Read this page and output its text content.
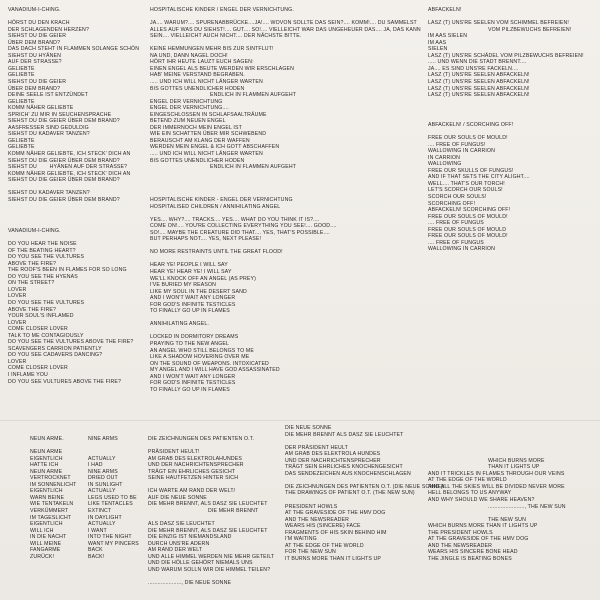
VANADIUM-I-CHING.

HÖRST DU DEN KRACH
DER SCHLAGENDEN HERZEN?
SIEHST DU DIE GEIER
ÜBER DEM BRAND?
DAS DACH STEHT IN FLAMMEN SOLANGE SCHÖN
SIEHST DU HYÄNEN
AUF DER STRASSE?
GELIEBTE
GELIEBTE
SIEHST DU DIE GEIER
ÜBER DEM BRAND?
DEINE SEELE IST ENTZÜNDET
GELIEBTE
KOMM NÄHER GELIEBTE
SPRICH' ZU MIR IN SEUCHENSPRACHE
SIEHST DU DIE GEIER ÜBER DEM BRAND?
AASFRESSER SIND GEDULDIG
SIEHST DU KADAVER TANZEN?
GELIEBTE
GELIEBTE
KOMM NÄHER GELIEBTE, ICH STECK' DICH AN
SIEHST DU DIE GEIER ÜBER DEM BRAND?
SIEHST DU        HYÄNEN AUF DER STRASSE?
KOMM NÄHER GELIEBTE, ICH STECK' DICH AN
SIEHST DU DIE GEIER ÜBER DEM BRAND?

SIEHST DU KADAVER TANZEN?
SIEHST DU DIE GEIER ÜBER DEM BRAND?
VANADIUM-I-CHING.

DO YOU HEAR THE NOISE
OF THE BEATING HEART?
DO YOU SEE THE VULTURES
ABOVE THE FIRE?
THE ROOF'S BEEN IN FLAMES FOR SO LONG
DO YOU SEE THE HYENAS
ON THE STREET?
LOVER
LOVER
DO YOU SEE THE VULTURES
ABOVE THE FIRE?
YOUR SOUL'S INFLAMED
LOVER
COME CLOSER LOVER
TALK TO ME CONTAGIOUSLY
DO YOU SEE THE VULTURES ABOVE THE FIRE?
SCAVENGERS CARRION PATIENTLY
DO YOU SEE CADAVERS DANCING?
LOVER
COME CLOSER LOVER
I INFLAME YOU
DO YOU SEE VULTURES ABOVE THE FIRE?
HOSPITALISCHE KINDER / ENGEL DER VERNICHTUNG.

JA.... WARUM?.... SPURENABBRÜCKE....JA!.... WOVON SOLLTE DAS SEIN?.... KOMM!.... DU SAMMELST
ALLES AUF WAS DU SIEHST!.... GUT.... SO!.... VIELLEICHT WAR DAS UNGEHEUER DAS.... JA, DAS KANN
SEIN.... VIELLEICHT AUCH NICHT.... DER NÄCHSTE BITTE.

KEINE HEMMUNGEN MEHR BIS ZUR SINTFLUT!
NA UND, DANN NAGEL DOCH!
HÖRT IHR HEUTE LAUZT EUCH SAGEN:
EINEN ENGEL ALS BEUTE WERDEN WIR ERSCHLAGEN
HAB' MEINE VERSTAND BEGRABEN.
..... UND ICH WILL NICHT LÄNGER WARTEN
BIS GOTTES UNENDLICHER HODEN
ENDLICH IN FLAMMEN AUFGEHT
ENGEL DER VERNICHTUNG
ENGEL DER VERNICHTUNG....
EINGESCHLOSSEN IN SCHLAFSAALTRÄUME
BETEND ZUM NEUEN ENGEL
DER IMMERNOCH MEIN ENGEL IST
WIE EIN SCHATTEN ÜBER MIR SCHWEBEND
BERAUSCHT AM KLANG DER WAFFEN
WERDEN MEIN ENGEL & ICH GOTT ABSCHAFFEN
..... UND ICH WILL NICHT LÄNGER WARTEN
BIS GOTTES UNENDLICHER HODEN
ENDLICH IN FLAMMEN AUFGEHT
HOSPITALISCHE KINDER - ENGEL DER VERNICHTUNG
HOSPITALISED CHILDREN / ANNIHILATING ANGEL

YES.... WHY?.... TRACKS.... YES.... WHAT DO YOU THINK IT IS?....
COME ON!.... YOU'RE COLLECTING EVERYTHING YOU SEE!.... GOOD....
SO!.... MAYBE THE CREATURE DID THAT.... YES, THAT'S POSSIBLE....
BUT PERHAPS NOT.... YES, NEXT PLEASE!

NO MORE RESTRAINTS UNTIL THE GREAT FLOOD!

HEAR YE! PEOPLE I WILL SAY
HEAR YE! HEAR YE! I WILL SAY
WE'LL KNOCK OFF AN ANGEL (AS PREY)
I'VE BURIED MY REASON
LIKE MY SOUL IN THE DESERT SAND
AND I WON'T WAIT ANY LONGER
FOR GOD'S INFINITE TESTICLES
TO FINALLY GO UP IN FLAMES

ANNIHILATING ANGEL.

LOCKED IN DORMITORY DREAMS
PRAYING TO THE NEW ANGEL
AN ANGEL WHO STILL BELONGS TO ME
LIKE A SHADOW HOVERING OVER ME
ON THE SOUND OF WEAPONS. INTOXICATED
MY ANGEL AND I WILL HAVE GOD ASSASSINATED
AND I WON'T WAIT ANY LONGER
FOR GOD'S INFINITE TESTICLES
TO FINALLY GO UP IN FLAMES
ABFACKELN!

LASZ (T) UNS'RE SEELEN VOM SCHIMMEL BEFREIEN!
VOM PILZBEWUCHS BEFREIEN!
IM AAS SIELEN
IM AAS
SIELEN
LASZ (T) UNS'RE SCHÄDEL VOM PILZBEWUCHS BEFREIEN!
..... UND WENN DIE STADT BRENNT....
JA.... ES SIND UNS'RE FACKELN....
LASZ (T) UNS'RE SEELEN ABFACKELN!
LASZ (T) UNS'RE SEELEN ABFACKELN!
LASZ (T) UNS'RE SEELEN ABFACKELN!
LASZ (T) UNS'RE SEELEN ABFACKELN!
ABFACKELN! / SCORCHING OFF!

FREE OUR SOULS OF MOULD!
.... FREE OF FUNGUS!
WALLOWING IN CARRION
IN CARRION
WALLOWING
FREE OUR SKULLS OF FUNGUS!
AND IF THAT SETS THE CITY ALIGHT....
WELL.... THAT'S OUR TORCH!
LET'S SCORCH OUR SOULS!
SCORCH OUR SOULS!
SCORCHING OFF!
ABFACKELN! SCORCHING OFF!
FREE OUR SOULS OF MOULD!
.... FREE OF FUNGUS
FREE OUR SOULS OF MOULD
FREE OUR SOULS OF MOULD!
.... FREE OF FUNGUS
WALLOWING IN CARRION
NEUN ARME.

NEUN ARME
EIGENTLICH
HATTE ICH
NEUN ARME
VERTROCKNET
IM SONNENLICHT
EIGENTLICH
WARN BEINE
WIE TENTAKELN
VERKÜMMERT
IM TAGESLICHT
EIGENTLICH
WILL ICH
IN DIE NACHT
WILL MEINE
FANGARME
ZURÜCK!
NINE ARMS

ACTUALLY
I HAD
NINE ARMS
DRIED OUT
IN SUNLIGHT
ACTUALLY
LEGS USED TO BE
LIKE TENTACLES
EXTINCT
IN DAYLIGHT
ACTUALLY
I WANT
INTO THE NIGHT
WANT MY PINCERS
BACK
BACK!
DIE ZEICHNUNGEN DES PATIENTEN O.T.

PRÄSIDENT HEULT!
AM GRAB DES ELEKTROLAHUNDES
UND DER NACHRICHTENSPRECHER
TRÄGT EIN EHRLICHES GESICHT
SEINE HAUTFETZEN HINTER SICH

ICH WARTE AM RAND DER WELT/
AUF DIE NEUE SONNE
DIE MEHR BRENNT, ALS DASZ SIE LEUCHTET
DIE MEHR BRENNT

ALS DASZ SIE LEUCHTET
DIE MEHR BRENNT, ALS DASZ SIE LEUCHTET
DIE EINZIG IST NIEMANDSLAND
DURCH UNS'RE ADERN
AM RAND DER WELT
UND ALLE HIMMEL WERDEN NIE MEHR GETEILT
UND DIE HÖLLE GEHÖRT NIEMALS UNS
UND WARUM SOLLN WIR DIE HIMMEL TEILEN?

....................., DIE NEUE SONNE
DIE NEUE SONNE
DIE MEHR BRENNT ALS DASZ SIE LEUCHTET

DER PRÄSIDENT HEULT
AM GRAB DES ELEKTROLA HUNDES
UND DER NACHRICHTENSPRECHER
TRÄGT SEIN EHRLICHES KNOCHENGESICHT
DAS SENDEZEICHEN AUS KNOCHENSCHLAGEN

DIE ZEICHNUNGEN DES PATIENTEN O.T. (DIE NEUE SONNE)/
THE DRAWINGS OF PATIENT O.T. (THE NEW SUN)

PRESIDENT HOWLS
AT THE GRAVESIDE OF THE HMV DOG
AND THE NEWSREADER
WEARS HIS (SINCERE) FACE
FRAGMENTS OF HIS SKIN BEHIND HIM
I'M WAITING
AT THE EDGE OF THE WORLD
FOR THE NEW SUN
IT BURNS MORE THAN IT LIGHTS UP

WHICH BURNS MORE
THAN IT LIGHTS UP
AND IT TRICKLES IN FLAMES THROUGH OUR VEINS
AT THE EDGE OF THE WORLD
AND ALL THE SKIES WILL BE DIVIDED NEVER MORE
HELL BELONGS TO US ANYWAY
AND WHY SHOULD WE SHARE HEAVEN?
......................., THE NEW SUN

THE NEW SUN
WHICH BURNS MORE THAN IT LIGHTS UP
THE PRESIDENT HOWLS
AT THE GRAVESIDE OF THE HMV DOG
AND THE NEWSREADER
WEARS HIS SINCERE BONE HEAD
THE JINGLE IS BEATING BONES
